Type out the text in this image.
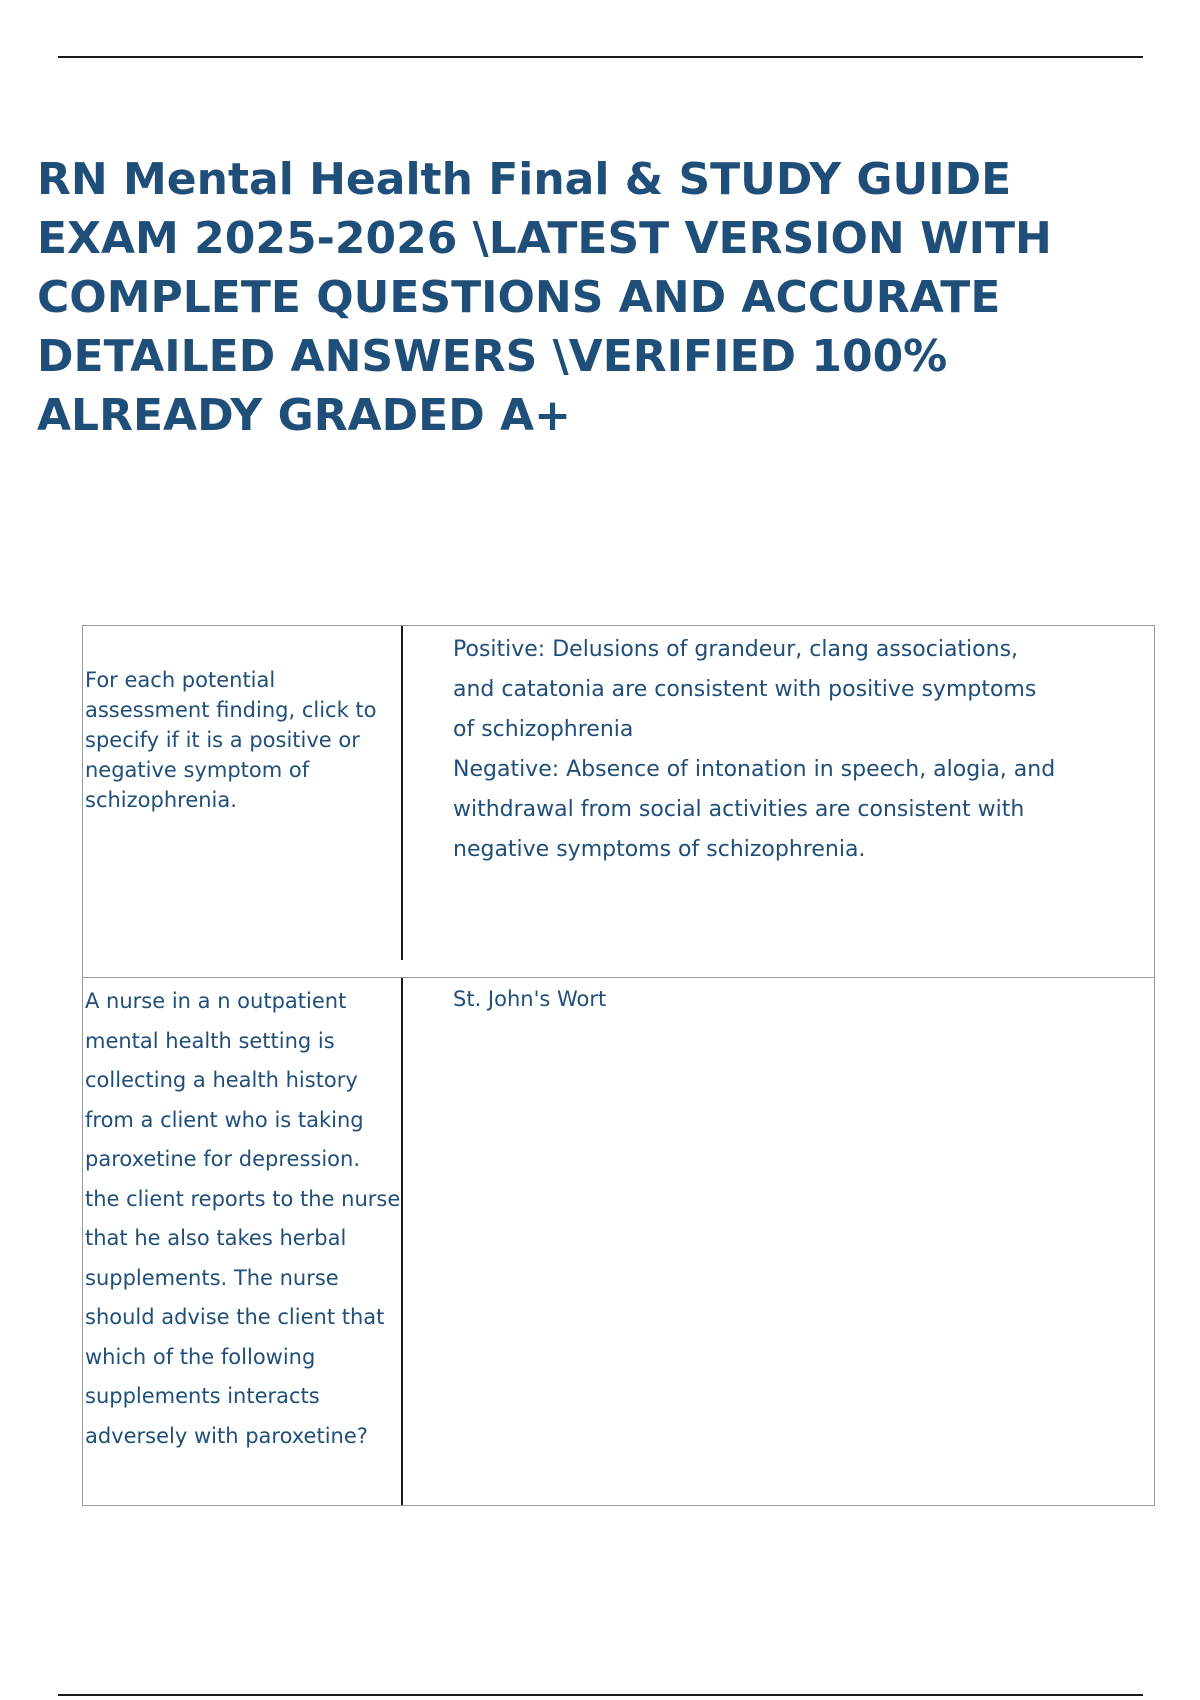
RN Mental Health Final & STUDY GUIDE EXAM 2025-2026 \LATEST VERSION WITH COMPLETE QUESTIONS AND ACCURATE DETAILED ANSWERS \VERIFIED 100% ALREADY GRADED A+
For each potential assessment finding, click to specify if it is a positive or negative symptom of schizophrenia.
Positive: Delusions of grandeur, clang associations,
and catatonia are consistent with positive symptoms
of schizophrenia
Negative: Absence of intonation in speech, alogia, and
withdrawal from social activities are consistent with
negative symptoms of schizophrenia.
A nurse in a n outpatient mental health setting is collecting a health history from a client who is taking paroxetine for depression. the client reports to the nurse that he also takes herbal supplements. The nurse should advise the client that which of the following supplements interacts adversely with paroxetine?
St. John's Wort
